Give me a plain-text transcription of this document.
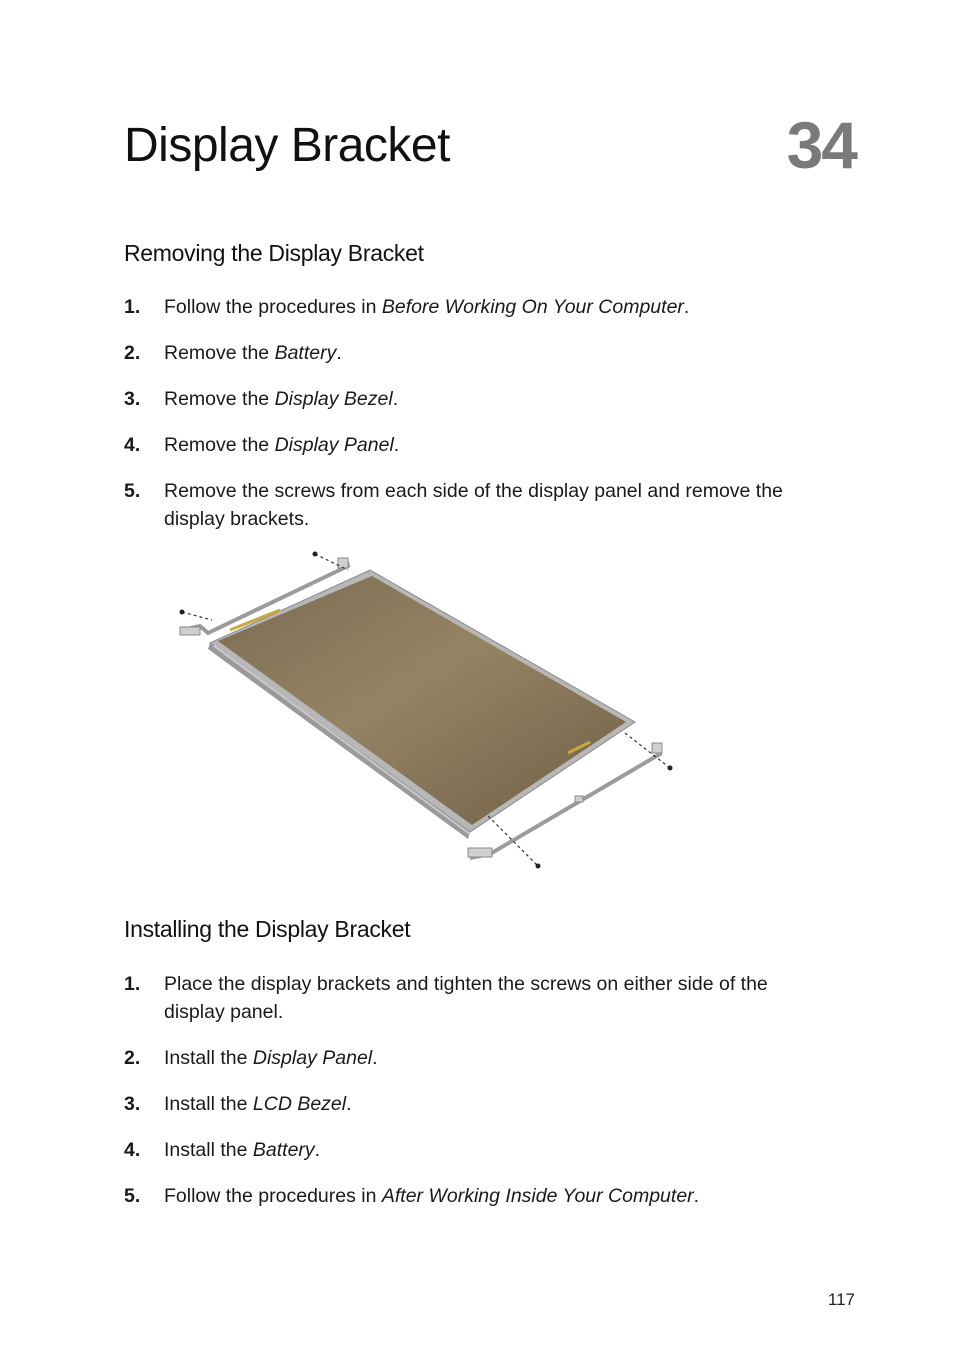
Display Bracket	34
Removing the Display Bracket
1. Follow the procedures in Before Working On Your Computer.
2. Remove the Battery.
3. Remove the Display Bezel.
4. Remove the Display Panel.
5. Remove the screws from each side of the display panel and remove the display brackets.
Installing the Display Bracket
1. Place the display brackets and tighten the screws on either side of the display panel.
2. Install the Display Panel.
3. Install the LCD Bezel.
4. Install the Battery.
5. Follow the procedures in After Working Inside Your Computer.
117
